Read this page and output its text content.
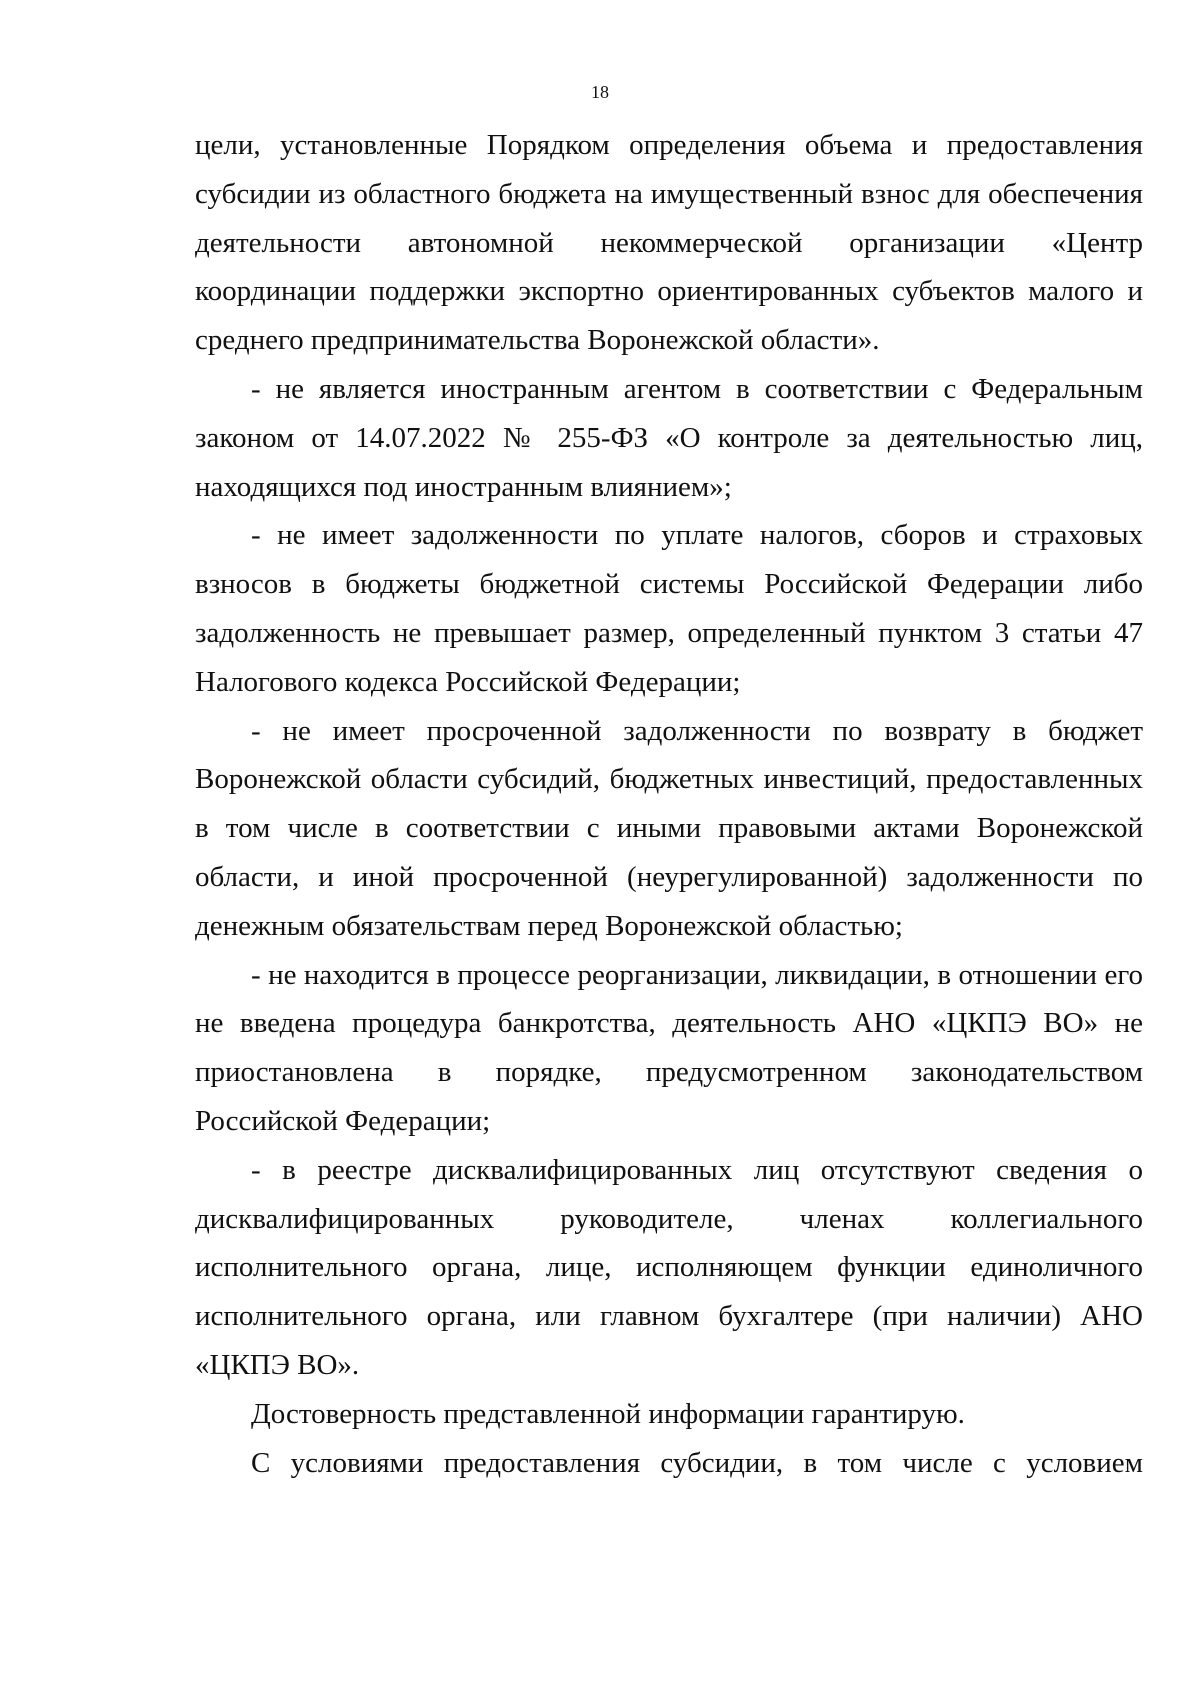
18

цели, установленные Порядком определения объема и предоставления субсидии из областного бюджета на имущественный взнос для обеспечения деятельности автономной некоммерческой организации «Центр координации поддержки экспортно ориентированных субъектов малого и среднего предпринимательства Воронежской области».

- не является иностранным агентом в соответствии с Федеральным законом от 14.07.2022 № 255-ФЗ «О контроле за деятельностью лиц, находящихся под иностранным влиянием»;

- не имеет задолженности по уплате налогов, сборов и страховых взносов в бюджеты бюджетной системы Российской Федерации либо задолженность не превышает размер, определенный пунктом 3 статьи 47 Налогового кодекса Российской Федерации;

- не имеет просроченной задолженности по возврату в бюджет Воронежской области субсидий, бюджетных инвестиций, предоставленных в том числе в соответствии с иными правовыми актами Воронежской области, и иной просроченной (неурегулированной) задолженности по денежным обязательствам перед Воронежской областью;

- не находится в процессе реорганизации, ликвидации, в отношении его не введена процедура банкротства, деятельность АНО «ЦКПЭ ВО» не приостановлена в порядке, предусмотренном законодательством Российской Федерации;

- в реестре дисквалифицированных лиц отсутствуют сведения о дисквалифицированных руководителе, членах коллегиального исполнительного органа, лице, исполняющем функции единоличного исполнительного органа, или главном бухгалтере (при наличии) АНО «ЦКПЭ ВО».

Достоверность представленной информации гарантирую.

С условиями предоставления субсидии, в том числе с условием
